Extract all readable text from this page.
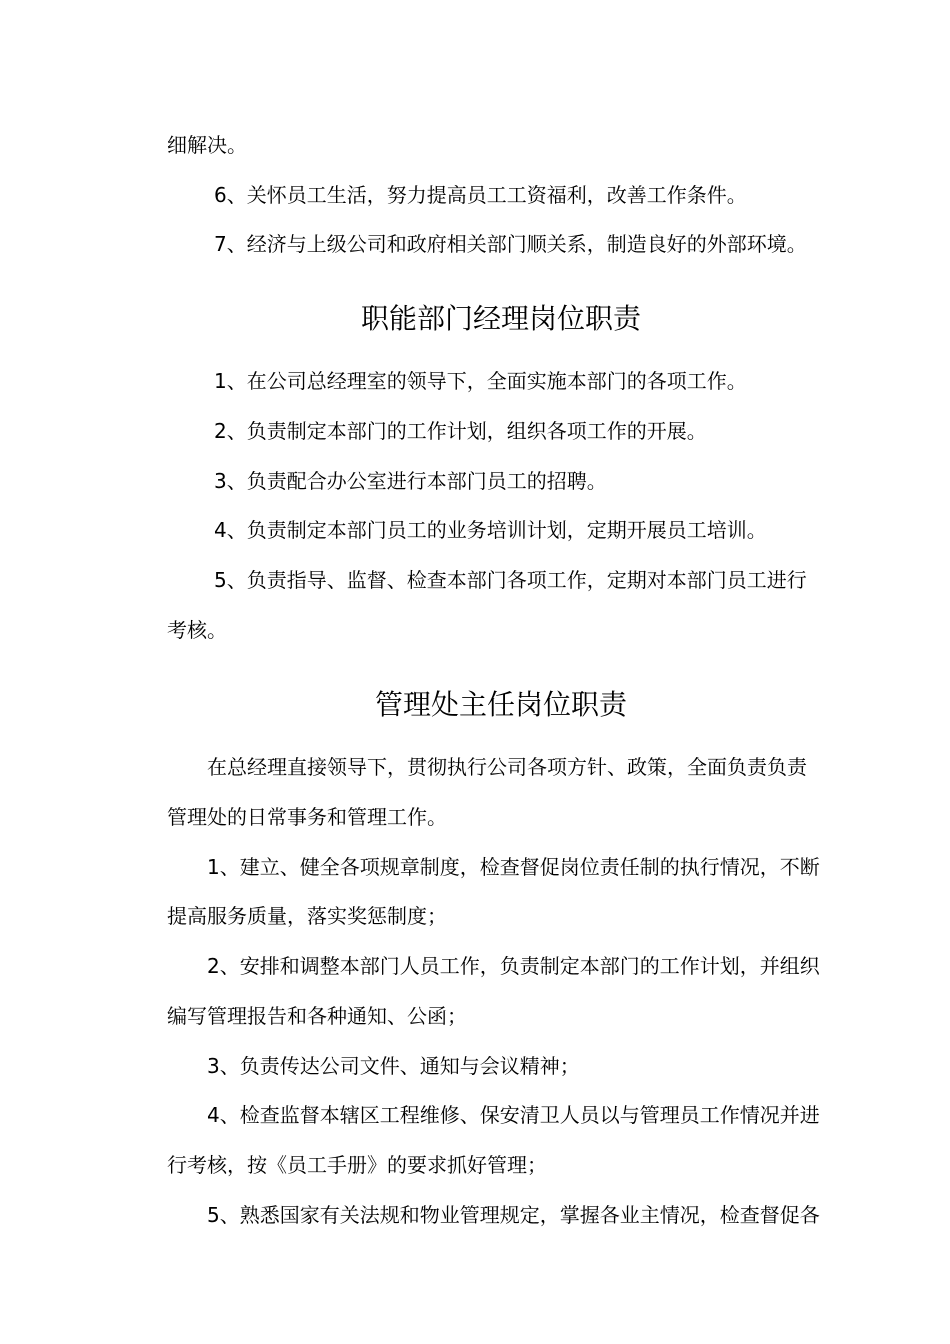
细解决。
6、关怀员工生活，努力提高员工工资福利，改善工作条件。
7、经济与上级公司和政府相关部门顺关系，制造良好的外部环境。
职能部门经理岗位职责
1、在公司总经理室的领导下，全面实施本部门的各项工作。
2、负责制定本部门的工作计划，组织各项工作的开展。
3、负责配合办公室进行本部门员工的招聘。
4、负责制定本部门员工的业务培训计划，定期开展员工培训。
5、负责指导、监督、检查本部门各项工作，定期对本部门员工进行
考核。
管理处主任岗位职责
在总经理直接领导下，贯彻执行公司各项方针、政策，全面负责负责
管理处的日常事务和管理工作。
1、建立、健全各项规章制度，检查督促岗位责任制的执行情况，不断
提高服务质量，落实奖惩制度；
2、安排和调整本部门人员工作，负责制定本部门的工作计划，并组织
编写管理报告和各种通知、公函；
3、负责传达公司文件、通知与会议精神；
4、检查监督本辖区工程维修、保安清卫人员以与管理员工作情况并进
行考核，按《员工手册》的要求抓好管理；
5、熟悉国家有关法规和物业管理规定，掌握各业主情况，检查督促各
